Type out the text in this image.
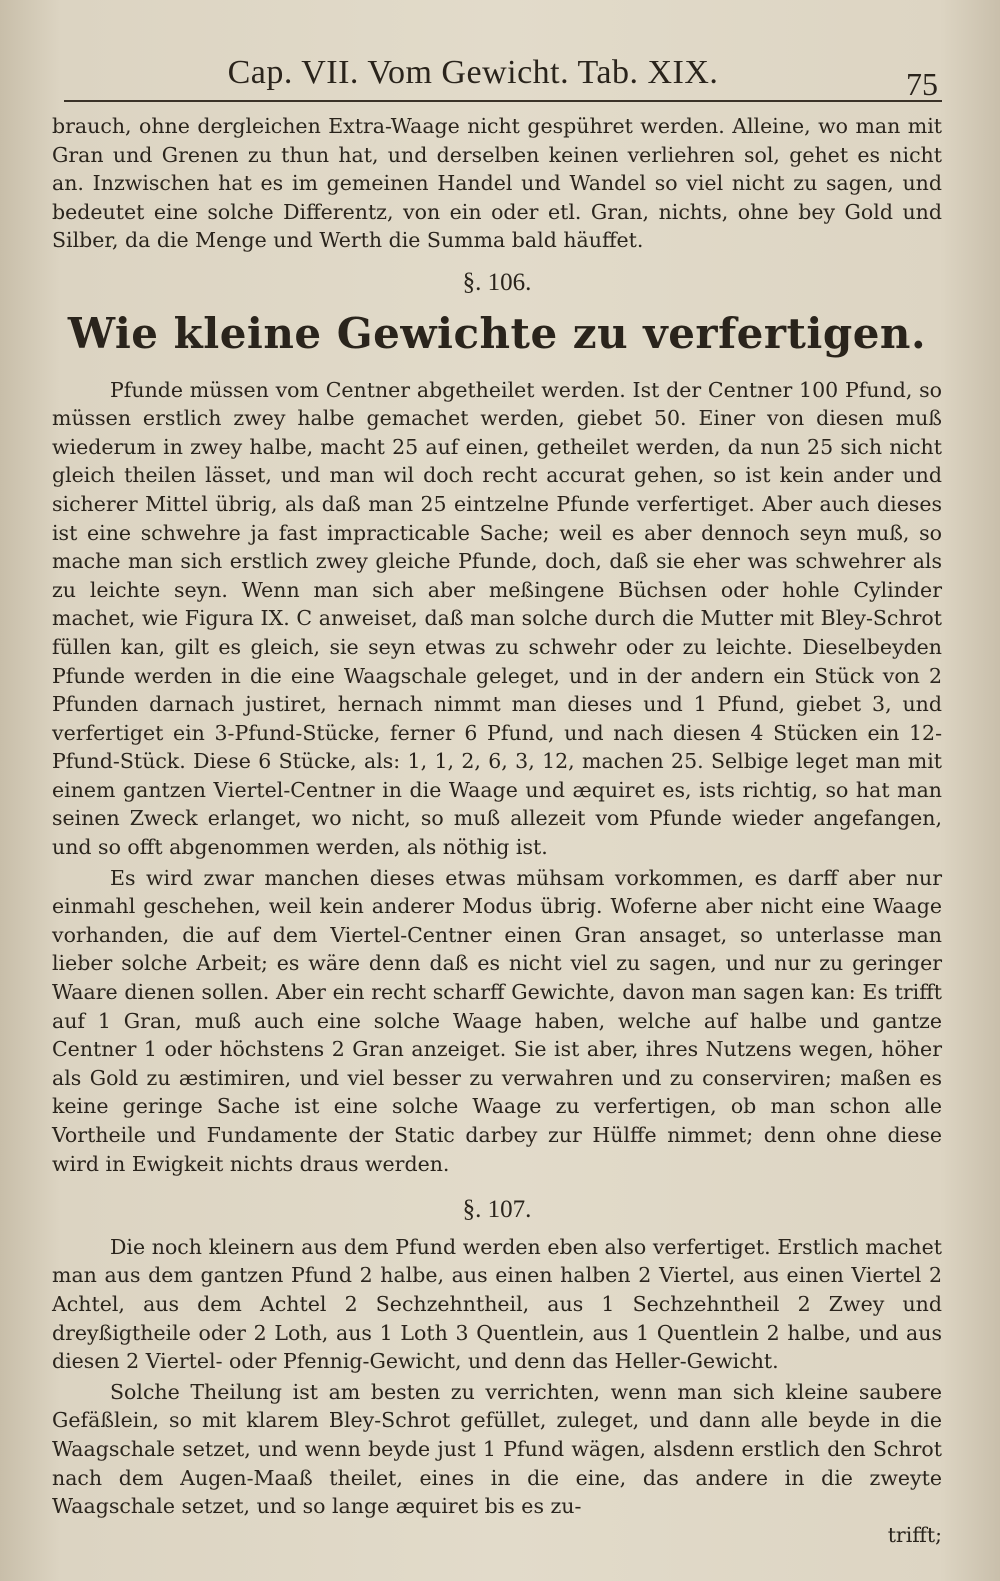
Cap. VII. Vom Gewicht. Tab. XIX.	75

brauch, ohne dergleichen Extra-Waage nicht gespühret werden. Alleine, wo man mit Gran und Grenen zu thun hat, und derselben keinen verliehren sol, gehet es nicht an. Inzwischen hat es im gemeinen Handel und Wandel so viel nicht zu sagen, und bedeutet eine solche Differentz, von ein oder etl. Gran, nichts, ohne bey Gold und Silber, da die Menge und Werth die Summa bald häuffet.

§. 106.
Wie kleine Gewichte zu verfertigen.

Pfunde müssen vom Centner abgetheilet werden. Ist der Centner 100 Pfund, so müssen erstlich zwey halbe gemachet werden, giebet 50. Einer von diesen muß wiederum in zwey halbe, macht 25 auf einen, getheilet werden, da nun 25 sich nicht gleich theilen lässet, und man wil doch recht accurat gehen, so ist kein ander und sicherer Mittel übrig, als daß man 25 eintzelne Pfunde verfertiget. Aber auch dieses ist eine schwehre ja fast impracticable Sache; weil es aber dennoch seyn muß, so mache man sich erstlich zwey gleiche Pfunde, doch, daß sie eher was schwehrer als zu leichte seyn. Wenn man sich aber meßingene Büchsen oder hohle Cylinder machet, wie Figura IX. C anweiset, daß man solche durch die Mutter mit Bley-Schrot füllen kan, gilt es gleich, sie seyn etwas zu schwehr oder zu leichte. Dieselbeyden Pfunde werden in die eine Waagschale geleget, und in der andern ein Stück von 2 Pfunden darnach justiret, hernach nimmt man dieses und 1 Pfund, giebet 3, und verfertiget ein 3-Pfund-Stücke, ferner 6 Pfund, und nach diesen 4 Stücken ein 12-Pfund-Stück. Diese 6 Stücke, als: 1, 1, 2, 6, 3, 12, machen 25. Selbige leget man mit einem gantzen Viertel-Centner in die Waage und æquiret es, ists richtig, so hat man seinen Zweck erlanget, wo nicht, so muß allezeit vom Pfunde wieder angefangen, und so offt abgenommen werden, als nöthig ist.

Es wird zwar manchen dieses etwas mühsam vorkommen, es darff aber nur einmahl geschehen, weil kein anderer Modus übrig. Woferne aber nicht eine Waage vorhanden, die auf dem Viertel-Centner einen Gran ansaget, so unterlasse man lieber solche Arbeit; es wäre denn daß es nicht viel zu sagen, und nur zu geringer Waare dienen sollen. Aber ein recht scharff Gewichte, davon man sagen kan: Es trifft auf 1 Gran, muß auch eine solche Waage haben, welche auf halbe und gantze Centner 1 oder höchstens 2 Gran anzeiget. Sie ist aber, ihres Nutzens wegen, höher als Gold zu æstimiren, und viel besser zu verwahren und zu conserviren; maßen es keine geringe Sache ist eine solche Waage zu verfertigen, ob man schon alle Vortheile und Fundamente der Static darbey zur Hülffe nimmet; denn ohne diese wird in Ewigkeit nichts draus werden.

§. 107.

Die noch kleinern aus dem Pfund werden eben also verfertiget. Erstlich machet man aus dem gantzen Pfund 2 halbe, aus einen halben 2 Viertel, aus einen Viertel 2 Achtel, aus dem Achtel 2 Sechzehntheil, aus 1 Sechzehntheil 2 Zwey und dreyßigtheile oder 2 Loth, aus 1 Loth 3 Quentlein, aus 1 Quentlein 2 halbe, und aus diesen 2 Viertel- oder Pfennig-Gewicht, und denn das Heller-Gewicht.

Solche Theilung ist am besten zu verrichten, wenn man sich kleine saubere Gefäßlein, so mit klarem Bley-Schrot gefüllet, zuleget, und dann alle beyde in die Waagschale setzet, und wenn beyde just 1 Pfund wägen, alsdenn erstlich den Schrot nach dem Augen-Maaß theilet, eines in die eine, das andere in die zweyte Waagschale setzet, und so lange æquiret bis es zu-

trifft;
